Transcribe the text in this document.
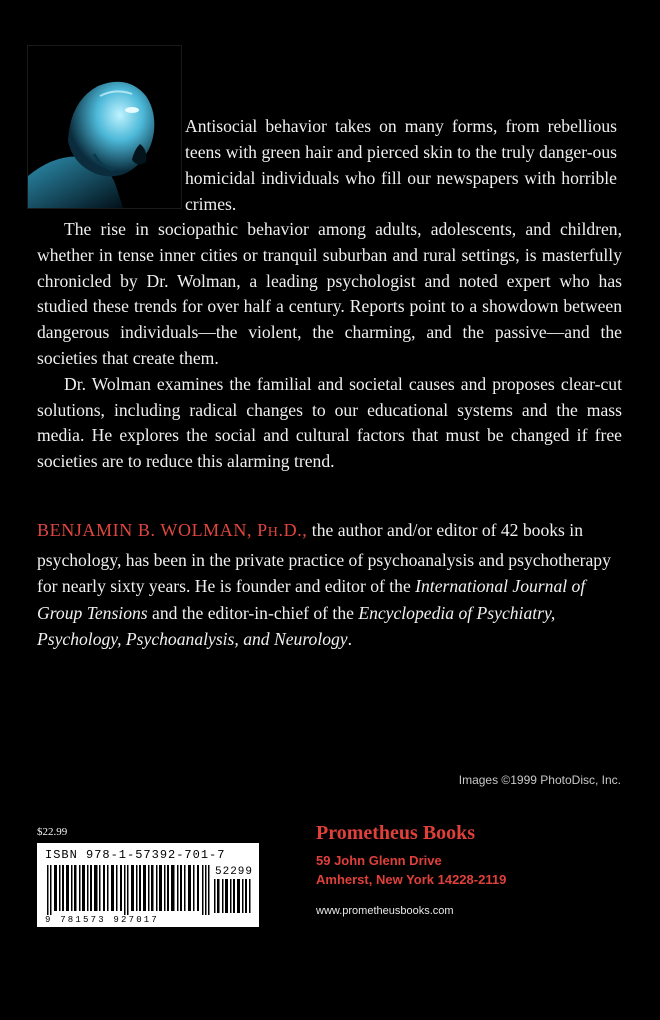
Antisocial behavior takes on many forms, from rebellious teens with green hair and pierced skin to the truly danger-ous homicidal individuals who fill our newspapers with horrible crimes.

The rise in sociopathic behavior among adults, adolescents, and children, whether in tense inner cities or tranquil suburban and rural settings, is masterfully chronicled by Dr. Wolman, a leading psychologist and noted expert who has studied these trends for over half a century. Reports point to a showdown between dangerous individuals—the violent, the charming, and the passive—and the societies that create them.

Dr. Wolman examines the familial and societal causes and proposes clear-cut solutions, including radical changes to our educational systems and the mass media. He explores the social and cultural factors that must be changed if free societies are to reduce this alarming trend.

BENJAMIN B. WOLMAN, PH.D., the author and/or editor of 42 books in psychology, has been in the private practice of psychoanalysis and psychotherapy for nearly sixty years. He is founder and editor of the International Journal of Group Tensions and the editor-in-chief of the Encyclopedia of Psychiatry, Psychology, Psychoanalysis, and Neurology.

Images ©1999 PhotoDisc, Inc.
$22.99
ISBN 978-1-57392-701-7
52299
9 781573 927017
Prometheus Books
59 John Glenn Drive
Amherst, New York 14228-2119
www.prometheusbooks.com
